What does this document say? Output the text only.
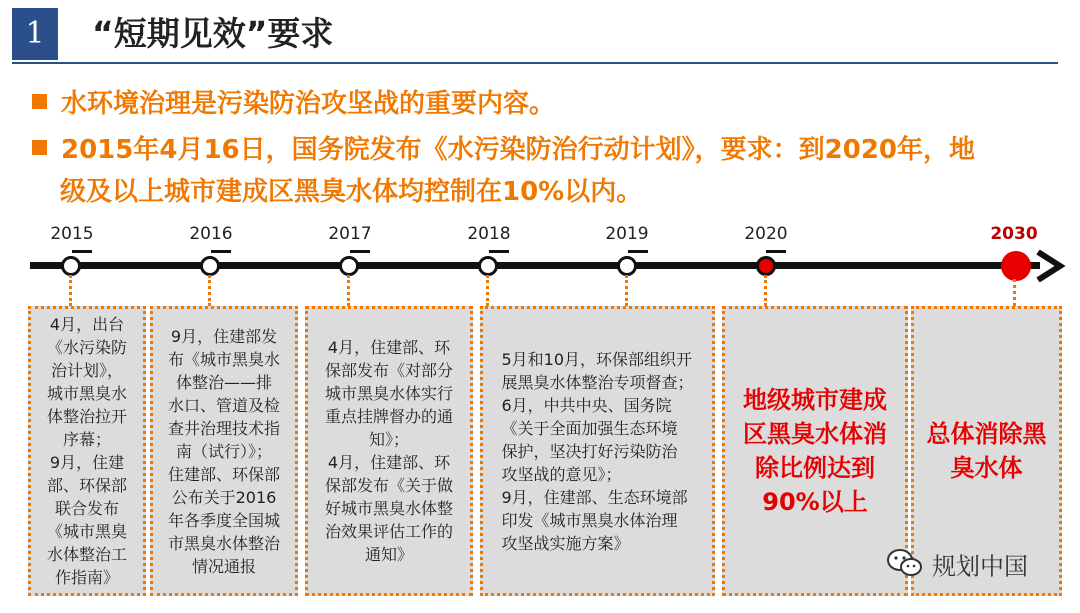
1	“短期见效”要求
水环境治理是污染防治攻坚战的重要内容。
2015年4月16日，国务院发布《水污染防治行动计划》，要求：到2020年，地
级及以上城市建成区黑臭水体均控制在10%以内。
2015	2016	2017	2018	2019	2020	2030
4月，出台
《水污染防
治计划》，
城市黑臭水
体整治拉开
序幕；
9月，住建
部、环保部
联合发布
《城市黑臭
水体整治工
作指南》
9月，住建部发
布《城市黑臭水
体整治——排
水口、管道及检
查井治理技术指
南（试行）》；
住建部、环保部
公布关于2016
年各季度全国城
市黑臭水体整治
情况通报
4月，住建部、环
保部发布《对部分
城市黑臭水体实行
重点挂牌督办的通
知》；
4月，住建部、环
保部发布《关于做
好城市黑臭水体整
治效果评估工作的
通知》
5月和10月，环保部组织开
展黑臭水体整治专项督查；
6月，中共中央、国务院
《关于全面加强生态环境
保护，坚决打好污染防治
攻坚战的意见》；
9月，住建部、生态环境部
印发《城市黑臭水体治理
攻坚战实施方案》
地级城市建成
区黑臭水体消
除比例达到
90%以上
总体消除黑
臭水体
规划中国
